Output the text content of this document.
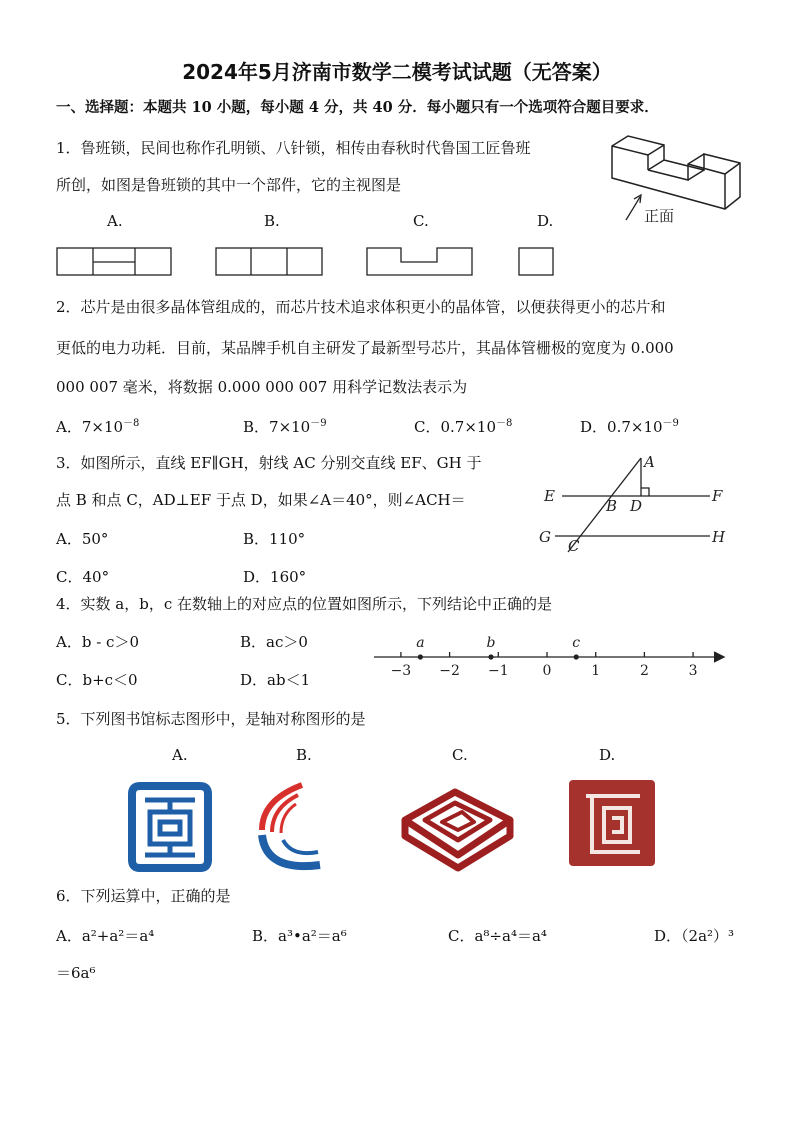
2024年5月济南市数学二模考试试题（无答案）
一、选择题：本题共 10 小题，每小题 4 分，共 40 分．每小题只有一个选项符合题目要求．
1．鲁班锁，民间也称作孔明锁、八针锁，相传由春秋时代鲁国工匠鲁班
所创，如图是鲁班锁的其中一个部件，它的主视图是
A.	B.	C.	D.	正面
2．芯片是由很多晶体管组成的，而芯片技术追求体积更小的晶体管，以便获得更小的芯片和
更低的电力功耗．目前，某品牌手机自主研发了最新型号芯片，其晶体管栅极的宽度为 0.000
000 007 毫米，将数据 0.000 000 007 用科学记数法表示为
A．$7\times 10^{-8}$	B．$7\times 10^{-9}$	C．$0.7\times 10^{-8}$	D．$0.7\times 10^{-9}$
3．如图所示，直线 EF∥GH，射线 AC 分别交直线 EF、GH 于
点 B 和点 C，AD⊥EF 于点 D，如果∠A＝40°，则∠ACH＝
A．50°	B．110°
C．40°	D．160°
A
E	F
B D
G C	H
4．实数 a，b，c 在数轴上的对应点的位置如图所示，下列结论中正确的是
A．b - c＞0	B．ac＞0
C．b+c＜0	D．ab＜1	−3 −2 −1 0	1	2	3
a	b	c
5．下列图书馆标志图形中，是轴对称图形的是
A.	B.	C.	D.
6．下列运算中，正确的是
A．a²+a²＝a⁴	B．a³•a²＝a⁶	C．a⁸÷a⁴＝a⁴	D．（2a²）³
＝6a⁶
